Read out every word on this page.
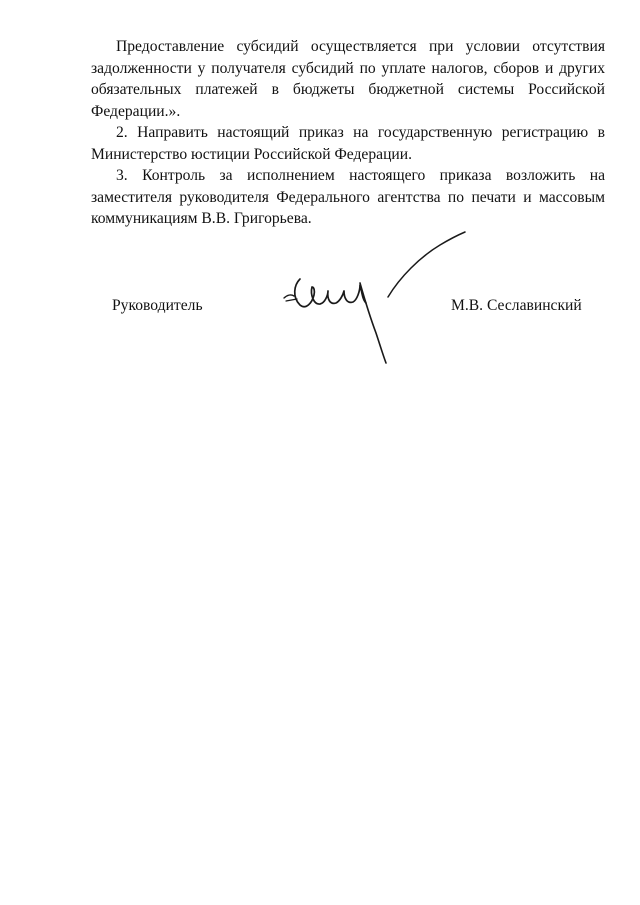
Предоставление субсидий осуществляется при условии отсутствия задолженности у получателя субсидий по уплате налогов, сборов и других обязательных платежей в бюджеты бюджетной системы Российской Федерации.».

2. Направить настоящий приказ на государственную регистрацию в Министерство юстиции Российской Федерации.

3. Контроль за исполнением настоящего приказа возложить на заместителя руководителя Федерального агентства по печати и массовым коммуникациям В.В. Григорьева.

Руководитель	М.В. Сеславинский
